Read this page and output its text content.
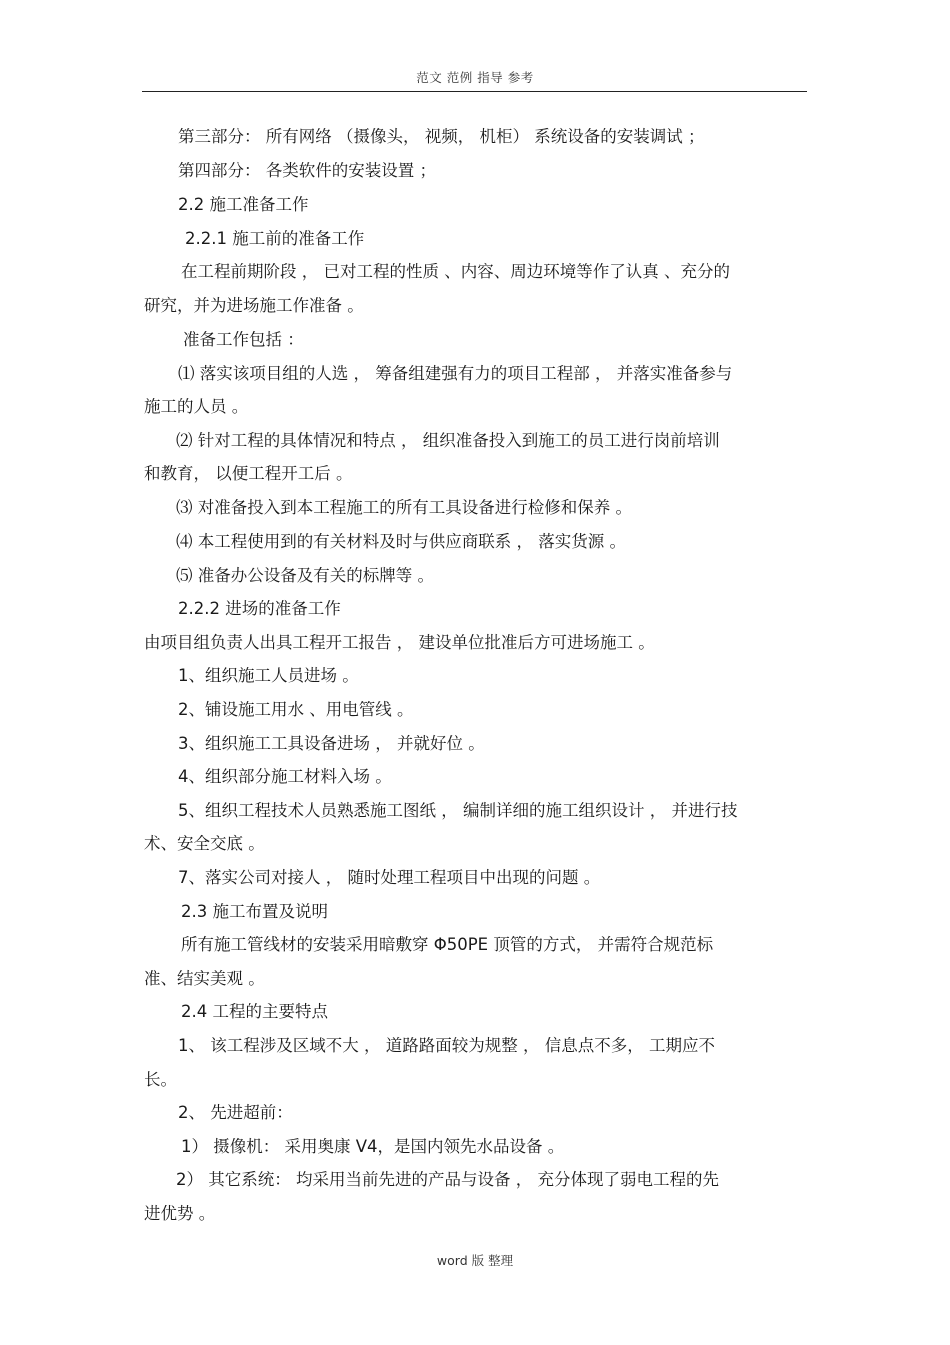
范文 范例 指导 参考
第三部分： 所有网络 （摄像头， 视频， 机柜） 系统设备的安装调试 ；
第四部分： 各类软件的安装设置 ；
2.2 施工准备工作
2.2.1 施工前的准备工作
在工程前期阶段 ， 已对工程的性质 、内容、周边环境等作了认真 、充分的
研究，并为进场施工作准备 。
准备工作包括 ：
⑴ 落实该项目组的人选 ， 筹备组建强有力的项目工程部 ， 并落实准备参与
施工的人员 。
⑵ 针对工程的具体情况和特点 ， 组织准备投入到施工的员工进行岗前培训
和教育， 以便工程开工后 。
⑶ 对准备投入到本工程施工的所有工具设备进行检修和保养 。
⑷ 本工程使用到的有关材料及时与供应商联系 ， 落实货源 。
⑸ 准备办公设备及有关的标牌等 。
2.2.2 进场的准备工作
由项目组负责人出具工程开工报告 ， 建设单位批准后方可进场施工 。
1、组织施工人员进场 。
2、铺设施工用水 、用电管线 。
3、组织施工工具设备进场 ， 并就好位 。
4、组织部分施工材料入场 。
5、组织工程技术人员熟悉施工图纸 ， 编制详细的施工组织设计 ， 并进行技
术、安全交底 。
7、落实公司对接人 ， 随时处理工程项目中出现的问题 。
2.3 施工布置及说明
所有施工管线材的安装采用暗敷穿 Φ50PE 顶管的方式， 并需符合规范标
准、结实美观 。
2.4 工程的主要特点
1、 该工程涉及区域不大 ， 道路路面较为规整 ， 信息点不多， 工期应不
长。
2、 先进超前：
1） 摄像机： 采用奥康 V4，是国内领先水品设备 。
2） 其它系统： 均采用当前先进的产品与设备 ， 充分体现了弱电工程的先
进优势 。
word 版 整理
